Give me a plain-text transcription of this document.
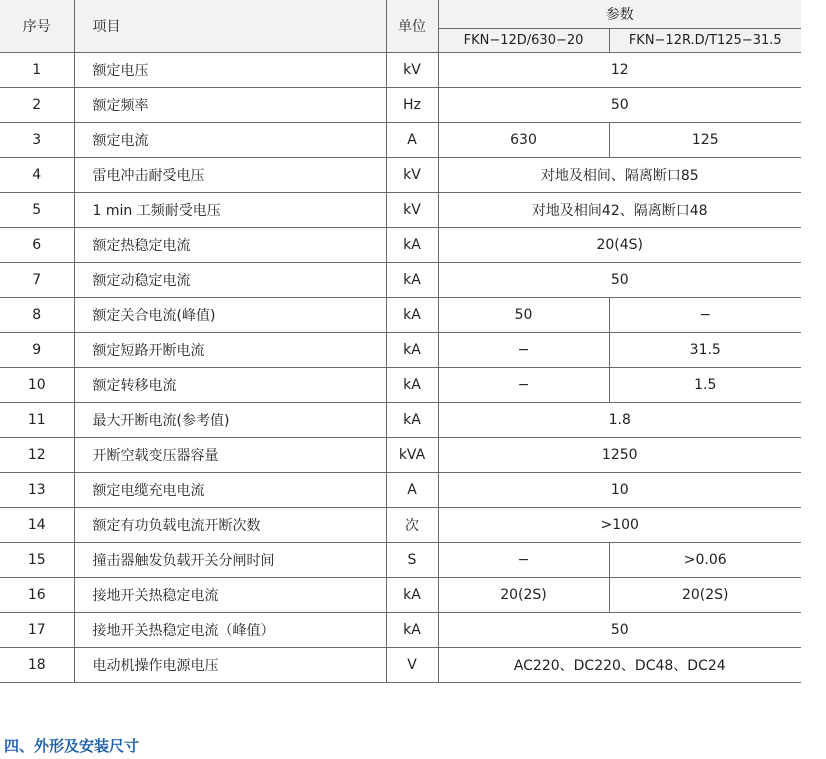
序号	项目	单位	参数	
			FKN−12D/630−20	FKN−12R.D/T125−31.5
1	额定电压	kV	12	
2	额定频率	Hz	50	
3	额定电流	A	630	125
4	雷电冲击耐受电压	kV	对地及相间、隔离断口85	
5	1 min 工频耐受电压	kV	对地及相间42、隔离断口48	
6	额定热稳定电流	kA	20(4S)	
7	额定动稳定电流	kA	50	
8	额定关合电流(峰值)	kA	50	−
9	额定短路开断电流	kA	−	31.5
10	额定转移电流	kA	−	1.5
11	最大开断电流(参考值)	kA	1.8	
12	开断空载变压器容量	kVA	1250	
13	额定电缆充电电流	A	10	
14	额定有功负载电流开断次数	次	>100	
15	撞击器触发负载开关分闸时间	S	−	>0.06
16	接地开关热稳定电流	kA	20(2S)	20(2S)
17	接地开关热稳定电流（峰值）	kA	50	
18	电动机操作电源电压	V	AC220、DC220、DC48、DC24	
四、外形及安装尺寸
